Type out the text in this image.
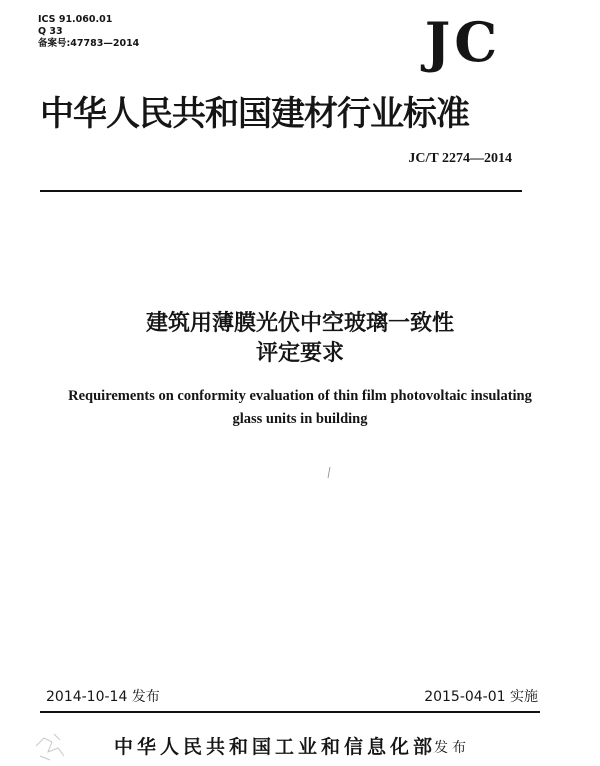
ICS 91.060.01
Q 33
备案号:47783—2014	JC
中华人民共和国建材行业标准
JC/T 2274—2014
建筑用薄膜光伏中空玻璃一致性
评定要求
Requirements on conformity evaluation of thin film photovoltaic insulating
glass units in building
2014-10-14 发布	2015-04-01 实施
中华人民共和国工业和信息化部
发布
